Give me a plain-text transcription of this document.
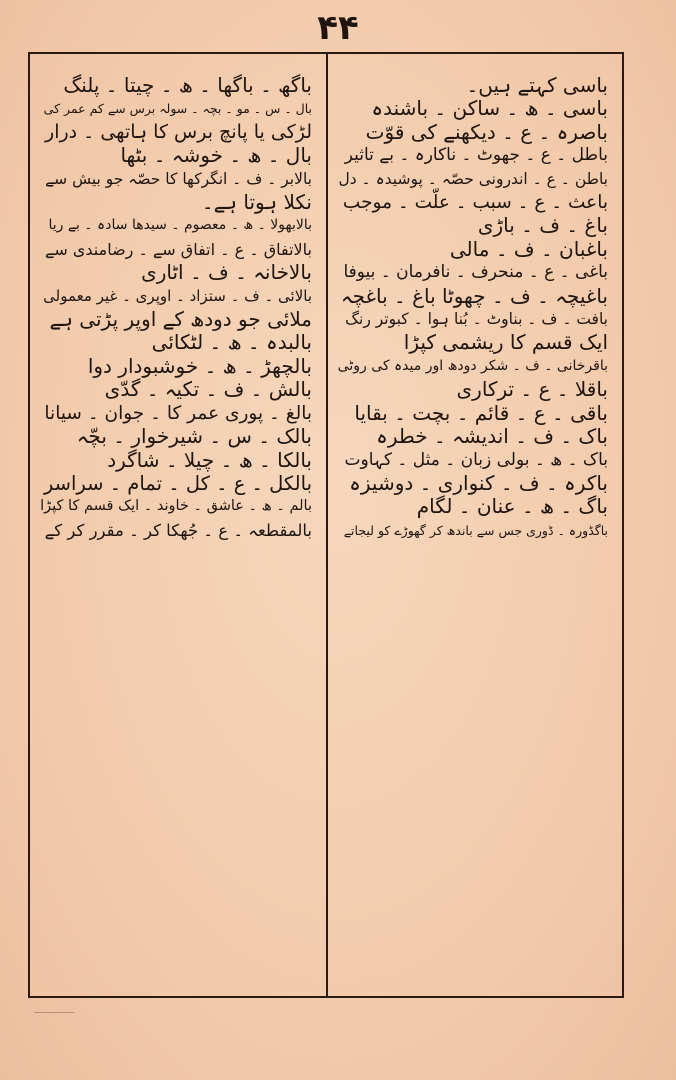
۴۴

باسی کہتے ہیں۔

باسی ۔ ھ ۔ ساکن ۔ باشندہ

باصرہ ۔ ع ۔ دیکھنے کی قوّت

باطل ۔ ع ۔ جھوٹ ۔ ناکارہ ۔ بے تاثیر

باطن ۔ ع ۔ اندرونی حصّہ ۔ پوشیدہ ۔ دل

باعث ۔ ع ۔ سبب ۔ علّت ۔ موجب

باغ ۔ ف ۔ باڑی

باغبان ۔ ف ۔ مالی

باغی ۔ ع ۔ منحرف ۔ نافرمان ۔ بیوفا

باغیچہ ۔ ف ۔ چھوٹا باغ ۔ باغچہ

بافت ۔ ف ۔ بناوٹ ۔ بُنا ہوا ۔ کبوتر رنگ

ایک قسم کا ریشمی کپڑا

باقرخانی ۔ ف ۔ شکر دودھ اور میدہ کی روٹی

باقلا ۔ ع ۔ ترکاری

باقی ۔ ع ۔ قائم ۔ بچت ۔ بقایا

باک ۔ ف ۔ اندیشہ ۔ خطرہ

باک ۔ ھ ۔ بولی زبان ۔ مثل ۔ کہاوت

باکرہ ۔ ف ۔ کنواری ۔ دوشیزہ

باگ ۔ ھ ۔ عنان ۔ لگام

باگڈورہ ۔ ڈوری جس سے باندھ کر گھوڑے کو لیجاتے

باگھ ۔ باگھا ۔ ھ ۔ چیتا ۔ پلنگ

بال ۔ س ۔ مو ۔ بچہ ۔ سولہ برس سے کم عمر کی

لڑکی یا پانچ برس کا ہاتھی ۔ درار

بال ۔ ھ ۔ خوشہ ۔ بٹھا

بالابر ۔ ف ۔ انگرکھا کا حصّہ جو بیش سے

نکلا ہوتا ہے۔

بالابھولا ۔ ھ ۔ معصوم ۔ سیدھا سادہ ۔ بے ریا

بالاتفاق ۔ ع ۔ اتفاق سے ۔ رضامندی سے

بالاخانہ ۔ ف ۔ اٹاری

بالائی ۔ ف ۔ ستزاد ۔ اوپری ۔ غیر معمولی

ملائی جو دودھ کے اوپر پڑتی ہے

بالبدہ ۔ ھ ۔ لٹکائی

بالچھڑ ۔ ھ ۔ خوشبودار دوا

بالش ۔ ف ۔ تکیہ ۔ گدّی

بالغ ۔ پوری عمر کا ۔ جوان ۔ سیانا

بالک ۔ س ۔ شیرخوار ۔ بچّہ

بالکا ۔ ھ ۔ چیلا ۔ شاگرد

بالکل ۔ ع ۔ کل ۔ تمام ۔ سراسر

بالم ۔ ھ ۔ عاشق ۔ خاوند ۔ ایک قسم کا کپڑا

بالمقطعہ ۔ ع ۔ جُھکا کر ۔ مقرر کر کے
